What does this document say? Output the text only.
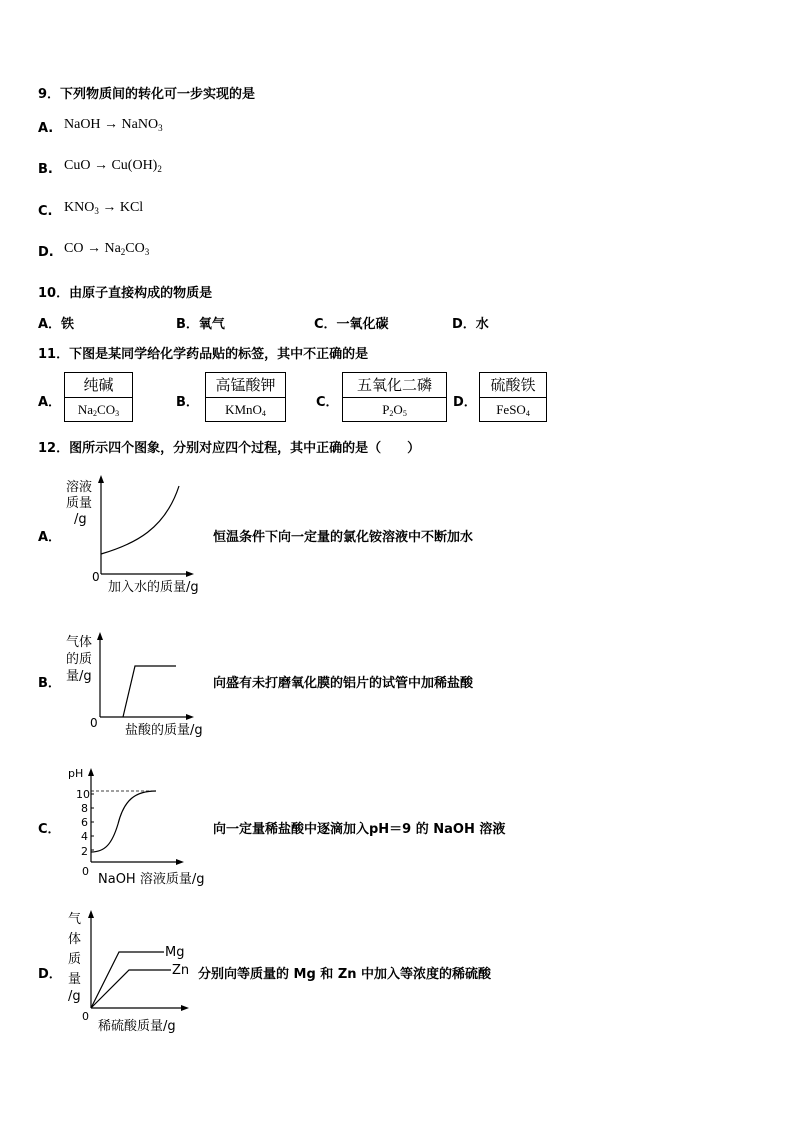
9．下列物质间的转化可一步实现的是
A. NaOH → NaNO$_3$
B. CuO → $Cu(OH)_2$
C. $KNO_3$ → KCl
D. CO → $Na_2CO_3$
10．由原子直接构成的物质是
A．铁	B．氧气	C．一氧化碳	D．水
11．下图是某同学给化学药品贴的标签，其中不正确的是
A．
纯碱
$Na_2CO_3$
B．
高锰酸钾
KMnO$_4$
C．
五氧化二磷
$P_2O_5$
D．
硫酸铁
FeSO$_4$
12．图所示四个图象，分别对应四个过程，其中正确的是（　　）
A．
溶液
质量
/g
0
加入水的质量/g
恒温条件下向一定量的氯化铵溶液中不断加水
B．
气体
的质
量/g
0 盐酸的质量/g
向盛有未打磨氧化膜的铝片的试管中加稀盐酸
C．
pH
10
8
6
4
2
0
NaOH 溶液质量/g
向一定量稀盐酸中逐滴加入pH＝9 的 NaOH 溶液
D．
气
体
质
量
/g
Mg
Zn
稀硫酸质量/g
0
分别向等质量的 Mg 和 Zn 中加入等浓度的稀硫酸
